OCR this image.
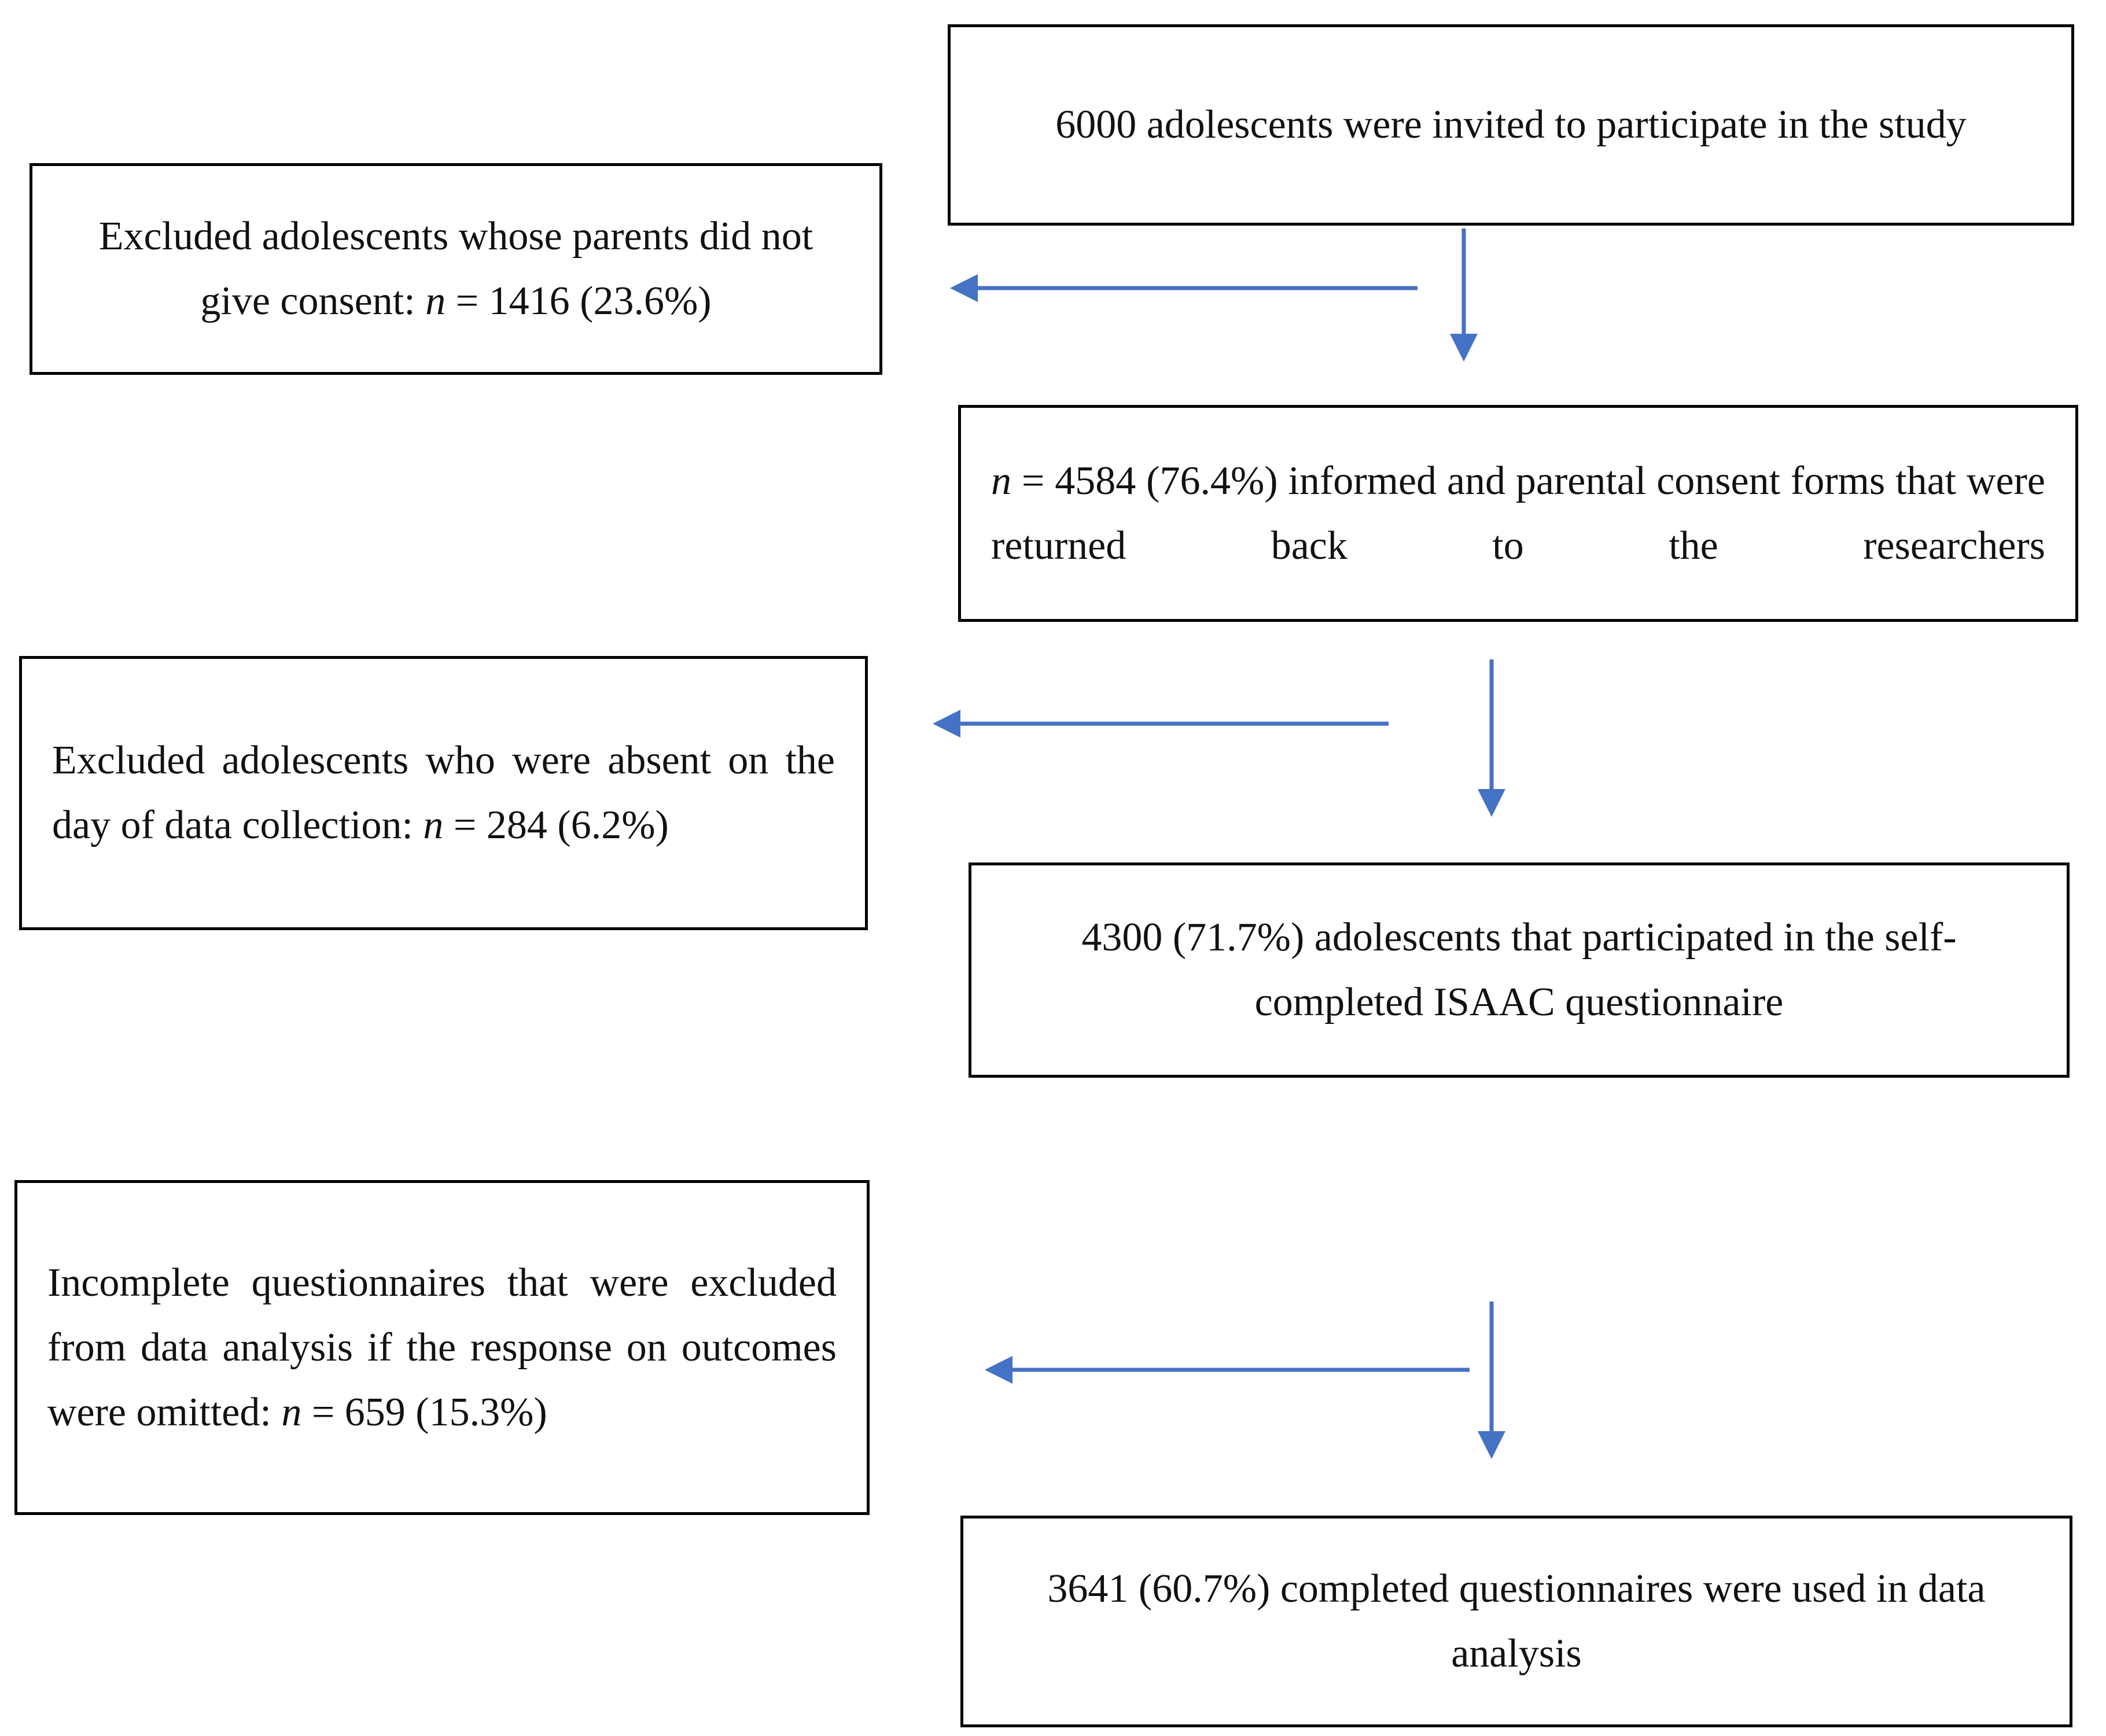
6000 adolescents were invited to participate in the study

n = 4584 (76.4%) informed and parental consent forms that were returned back to the researchers

4300 (71.7%) adolescents that participated in the self-completed ISAAC questionnaire

3641 (60.7%) completed questionnaires were used in data analysis

Excluded adolescents whose parents did not give consent: n = 1416 (23.6%)

Excluded adolescents who were absent on the day of data collection: n = 284 (6.2%)

Incomplete questionnaires that were excluded from data analysis if the response on outcomes were omitted: n = 659 (15.3%)
